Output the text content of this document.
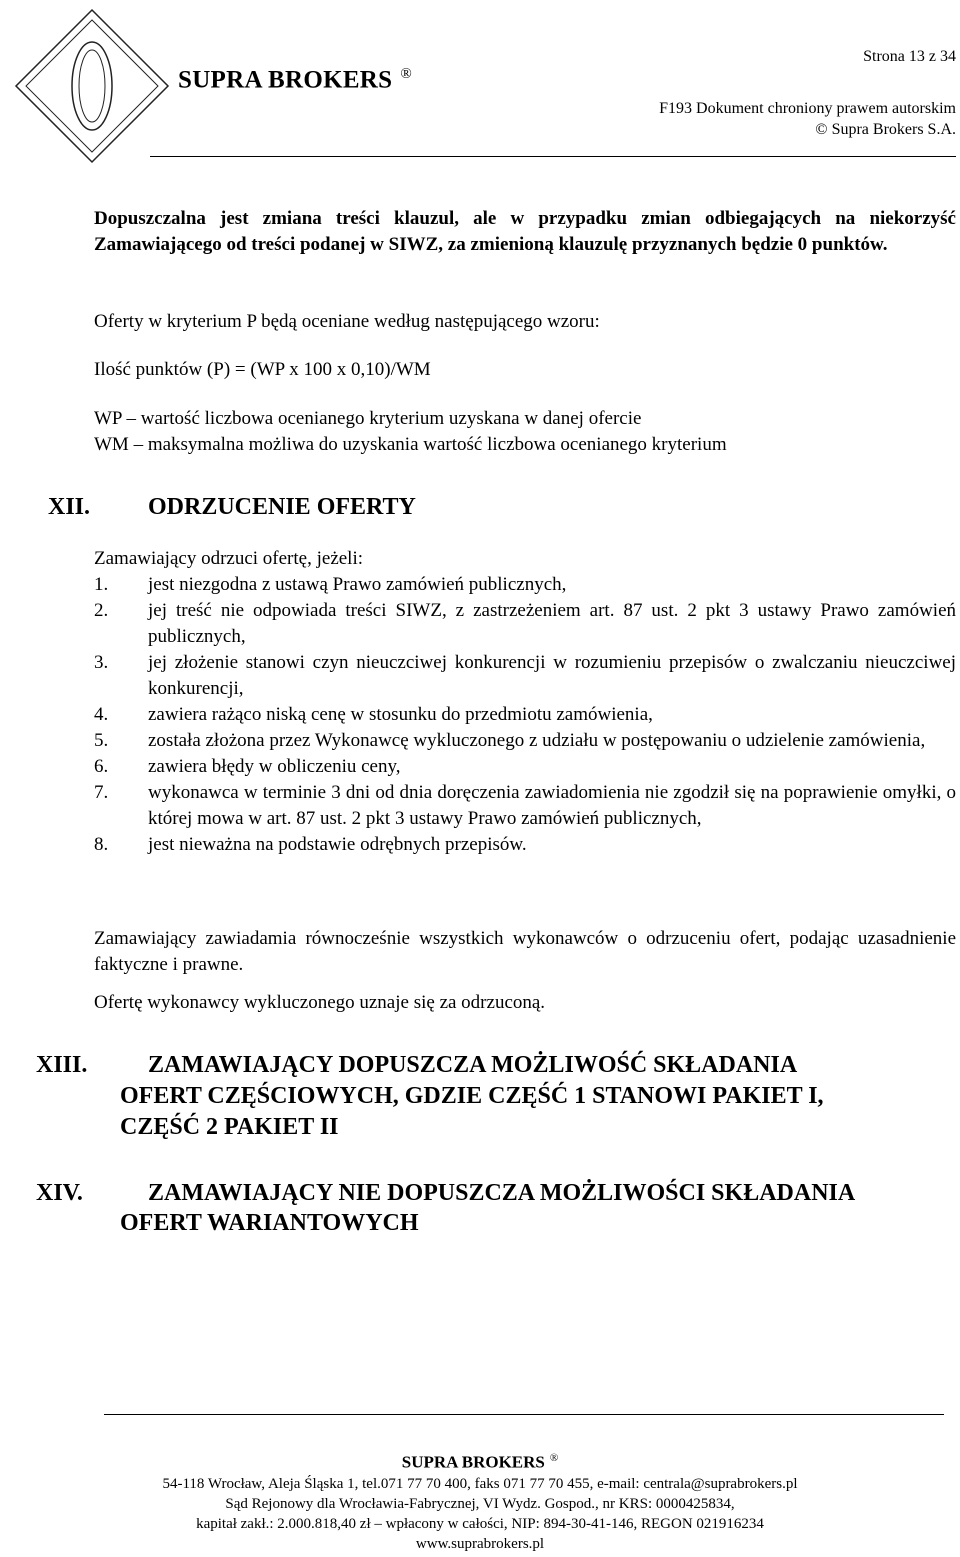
Strona 13 z 34
SUPRA BROKERS ®
F193 Dokument chroniony prawem autorskim
© Supra Brokers S.A.
Dopuszczalna jest zmiana treści klauzul, ale w przypadku zmian odbiegających na niekorzyść Zamawiającego od treści podanej w SIWZ, za zmienioną klauzulę przyznanych będzie 0 punktów.
Oferty w kryterium P będą oceniane według następującego wzoru:
Ilość punktów (P) = (WP x 100 x 0,10)/WM
WP – wartość liczbowa ocenianego kryterium uzyskana w danej ofercie
WM – maksymalna możliwa do uzyskania wartość liczbowa ocenianego kryterium
XII. ODRZUCENIE OFERTY
Zamawiający odrzuci ofertę, jeżeli:
1. jest niezgodna z ustawą Prawo zamówień publicznych,
2. jej treść nie odpowiada treści SIWZ, z zastrzeżeniem art. 87 ust. 2 pkt 3 ustawy Prawo zamówień publicznych,
3. jej złożenie stanowi czyn nieuczciwej konkurencji w rozumieniu przepisów o zwalczaniu nieuczciwej konkurencji,
4. zawiera rażąco niską cenę w stosunku do przedmiotu zamówienia,
5. została złożona przez Wykonawcę wykluczonego z udziału w postępowaniu o udzielenie zamówienia,
6. zawiera błędy w obliczeniu ceny,
7. wykonawca w terminie 3 dni od dnia doręczenia zawiadomienia nie zgodził się na poprawienie omyłki, o której mowa w art. 87 ust. 2 pkt 3 ustawy Prawo zamówień publicznych,
8. jest nieważna na podstawie odrębnych przepisów.
Zamawiający zawiadamia równocześnie wszystkich wykonawców o odrzuceniu ofert, podając uzasadnienie faktyczne i prawne.
Ofertę wykonawcy wykluczonego uznaje się za odrzuconą.
XIII.	ZAMAWIAJĄCY DOPUSZCZA MOŻLIWOŚĆ SKŁADANIA
OFERT CZĘŚCIOWYCH, GDZIE CZĘŚĆ 1 STANOWI PAKIET I,
CZĘŚĆ 2 PAKIET II
XIV.	ZAMAWIAJĄCY NIE DOPUSZCZA MOŻLIWOŚCI SKŁADANIA
OFERT WARIANTOWYCH
SUPRA BROKERS ®
54-118 Wrocław, Aleja Śląska 1, tel.071 77 70 400, faks 071 77 70 455, e-mail: centrala@suprabrokers.pl
Sąd Rejonowy dla Wrocławia-Fabrycznej, VI Wydz. Gospod., nr KRS: 0000425834,
kapitał zakł.: 2.000.818,40 zł – wpłacony w całości, NIP: 894-30-41-146, REGON 021916234
www.suprabrokers.pl
